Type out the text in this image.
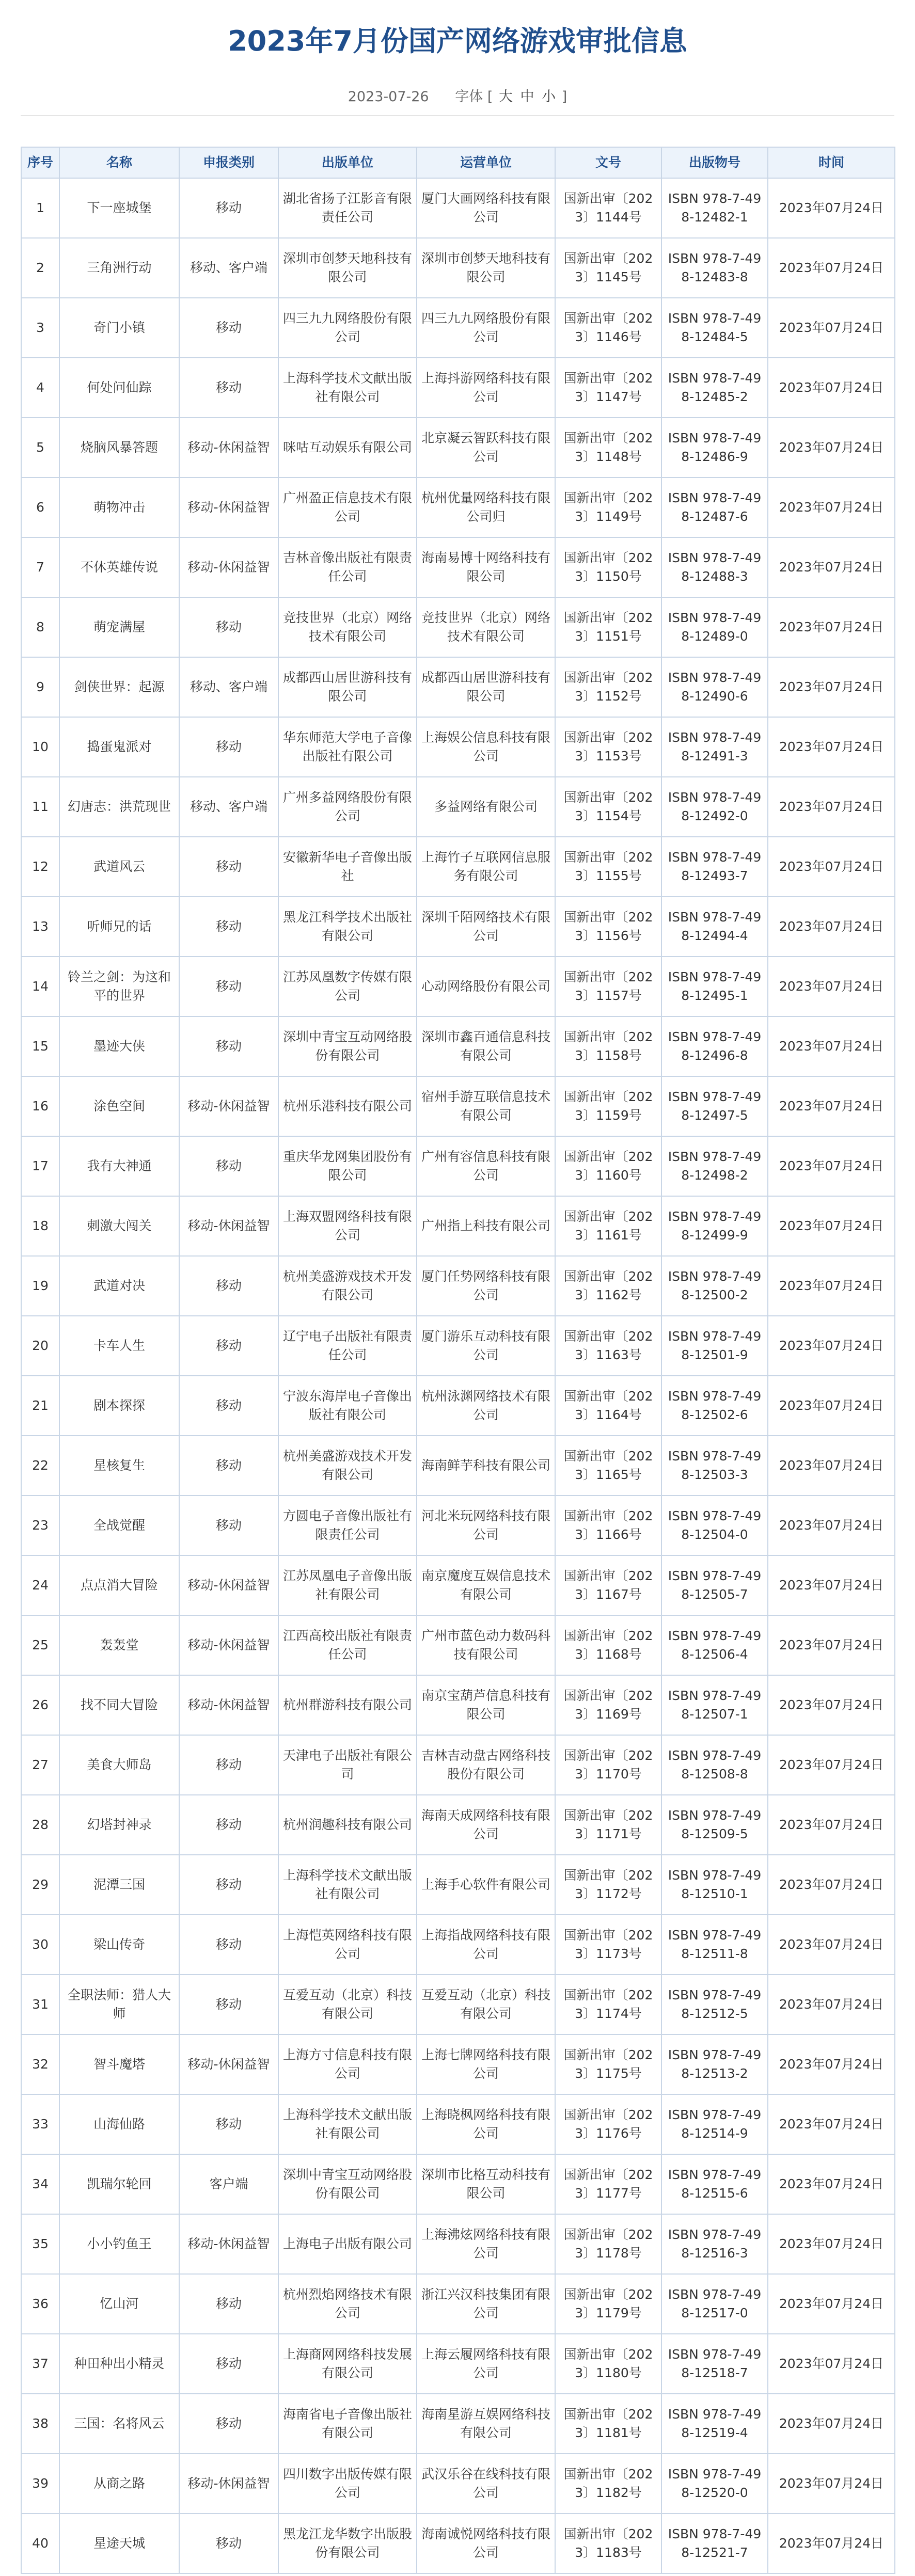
2023年7月份国产网络游戏审批信息
2023-07-26 字体 [ 大 中 小 ]
序号	名称	申报类别	出版单位	运营单位	文号	出版物号	时间
1	下一座城堡	移动	湖北省扬子江影音有限责任公司	厦门大画网络科技有限公司	国新出审〔2023〕1144号	ISBN 978-7-498-12482-1	2023年07月24日
2	三角洲行动	移动、客户端	深圳市创梦天地科技有限公司	深圳市创梦天地科技有限公司	国新出审〔2023〕1145号	ISBN 978-7-498-12483-8	2023年07月24日
3	奇门小镇	移动	四三九九网络股份有限公司	四三九九网络股份有限公司	国新出审〔2023〕1146号	ISBN 978-7-498-12484-5	2023年07月24日
4	何处问仙踪	移动	上海科学技术文献出版社有限公司	上海抖游网络科技有限公司	国新出审〔2023〕1147号	ISBN 978-7-498-12485-2	2023年07月24日
5	烧脑风暴答题	移动-休闲益智	咪咕互动娱乐有限公司	北京凝云智跃科技有限公司	国新出审〔2023〕1148号	ISBN 978-7-498-12486-9	2023年07月24日
6	萌物冲击	移动-休闲益智	广州盈正信息技术有限公司	杭州优量网络科技有限公司归	国新出审〔2023〕1149号	ISBN 978-7-498-12487-6	2023年07月24日
7	不休英雄传说	移动-休闲益智	吉林音像出版社有限责任公司	海南易博十网络科技有限公司	国新出审〔2023〕1150号	ISBN 978-7-498-12488-3	2023年07月24日
8	萌宠满屋	移动	竞技世界（北京）网络技术有限公司	竞技世界（北京）网络技术有限公司	国新出审〔2023〕1151号	ISBN 978-7-498-12489-0	2023年07月24日
9	剑侠世界：起源	移动、客户端	成都西山居世游科技有限公司	成都西山居世游科技有限公司	国新出审〔2023〕1152号	ISBN 978-7-498-12490-6	2023年07月24日
10	捣蛋鬼派对	移动	华东师范大学电子音像出版社有限公司	上海娱公信息科技有限公司	国新出审〔2023〕1153号	ISBN 978-7-498-12491-3	2023年07月24日
11	幻唐志：洪荒现世	移动、客户端	广州多益网络股份有限公司	多益网络有限公司	国新出审〔2023〕1154号	ISBN 978-7-498-12492-0	2023年07月24日
12	武道风云	移动	安徽新华电子音像出版社	上海竹子互联网信息服务有限公司	国新出审〔2023〕1155号	ISBN 978-7-498-12493-7	2023年07月24日
13	听师兄的话	移动	黑龙江科学技术出版社有限公司	深圳千陌网络技术有限公司	国新出审〔2023〕1156号	ISBN 978-7-498-12494-4	2023年07月24日
14	铃兰之剑：为这和平的世界	移动	江苏凤凰数字传媒有限公司	心动网络股份有限公司	国新出审〔2023〕1157号	ISBN 978-7-498-12495-1	2023年07月24日
15	墨迹大侠	移动	深圳中青宝互动网络股份有限公司	深圳市鑫百通信息科技有限公司	国新出审〔2023〕1158号	ISBN 978-7-498-12496-8	2023年07月24日
16	涂色空间	移动-休闲益智	杭州乐港科技有限公司	宿州手游互联信息技术有限公司	国新出审〔2023〕1159号	ISBN 978-7-498-12497-5	2023年07月24日
17	我有大神通	移动	重庆华龙网集团股份有限公司	广州有容信息科技有限公司	国新出审〔2023〕1160号	ISBN 978-7-498-12498-2	2023年07月24日
18	刺激大闯关	移动-休闲益智	上海双盟网络科技有限公司	广州指上科技有限公司	国新出审〔2023〕1161号	ISBN 978-7-498-12499-9	2023年07月24日
19	武道对决	移动	杭州美盛游戏技术开发有限公司	厦门任势网络科技有限公司	国新出审〔2023〕1162号	ISBN 978-7-498-12500-2	2023年07月24日
20	卡车人生	移动	辽宁电子出版社有限责任公司	厦门游乐互动科技有限公司	国新出审〔2023〕1163号	ISBN 978-7-498-12501-9	2023年07月24日
21	剧本探探	移动	宁波东海岸电子音像出版社有限公司	杭州泳渊网络技术有限公司	国新出审〔2023〕1164号	ISBN 978-7-498-12502-6	2023年07月24日
22	星核复生	移动	杭州美盛游戏技术开发有限公司	海南鲜芋科技有限公司	国新出审〔2023〕1165号	ISBN 978-7-498-12503-3	2023年07月24日
23	全战觉醒	移动	方圆电子音像出版社有限责任公司	河北米玩网络科技有限公司	国新出审〔2023〕1166号	ISBN 978-7-498-12504-0	2023年07月24日
24	点点消大冒险	移动-休闲益智	江苏凤凰电子音像出版社有限公司	南京魔度互娱信息技术有限公司	国新出审〔2023〕1167号	ISBN 978-7-498-12505-7	2023年07月24日
25	轰轰堂	移动-休闲益智	江西高校出版社有限责任公司	广州市蓝色动力数码科技有限公司	国新出审〔2023〕1168号	ISBN 978-7-498-12506-4	2023年07月24日
26	找不同大冒险	移动-休闲益智	杭州群游科技有限公司	南京宝葫芦信息科技有限公司	国新出审〔2023〕1169号	ISBN 978-7-498-12507-1	2023年07月24日
27	美食大师岛	移动	天津电子出版社有限公司	吉林吉动盘古网络科技股份有限公司	国新出审〔2023〕1170号	ISBN 978-7-498-12508-8	2023年07月24日
28	幻塔封神录	移动	杭州润趣科技有限公司	海南天成网络科技有限公司	国新出审〔2023〕1171号	ISBN 978-7-498-12509-5	2023年07月24日
29	泥潭三国	移动	上海科学技术文献出版社有限公司	上海手心软件有限公司	国新出审〔2023〕1172号	ISBN 978-7-498-12510-1	2023年07月24日
30	梁山传奇	移动	上海恺英网络科技有限公司	上海指战网络科技有限公司	国新出审〔2023〕1173号	ISBN 978-7-498-12511-8	2023年07月24日
31	全职法师：猎人大师	移动	互爱互动（北京）科技有限公司	互爱互动（北京）科技有限公司	国新出审〔2023〕1174号	ISBN 978-7-498-12512-5	2023年07月24日
32	智斗魔塔	移动-休闲益智	上海方寸信息科技有限公司	上海七牌网络科技有限公司	国新出审〔2023〕1175号	ISBN 978-7-498-12513-2	2023年07月24日
33	山海仙路	移动	上海科学技术文献出版社有限公司	上海晓枫网络科技有限公司	国新出审〔2023〕1176号	ISBN 978-7-498-12514-9	2023年07月24日
34	凯瑞尔轮回	客户端	深圳中青宝互动网络股份有限公司	深圳市比格互动科技有限公司	国新出审〔2023〕1177号	ISBN 978-7-498-12515-6	2023年07月24日
35	小小钓鱼王	移动-休闲益智	上海电子出版有限公司	上海沸炫网络科技有限公司	国新出审〔2023〕1178号	ISBN 978-7-498-12516-3	2023年07月24日
36	忆山河	移动	杭州烈焰网络技术有限公司	浙江兴汉科技集团有限公司	国新出审〔2023〕1179号	ISBN 978-7-498-12517-0	2023年07月24日
37	种田种出小精灵	移动	上海商网网络科技发展有限公司	上海云履网络科技有限公司	国新出审〔2023〕1180号	ISBN 978-7-498-12518-7	2023年07月24日
38	三国：名将风云	移动	海南省电子音像出版社有限公司	海南星游互娱网络科技有限公司	国新出审〔2023〕1181号	ISBN 978-7-498-12519-4	2023年07月24日
39	从商之路	移动-休闲益智	四川数字出版传媒有限公司	武汉乐谷在线科技有限公司	国新出审〔2023〕1182号	ISBN 978-7-498-12520-0	2023年07月24日
40	星途天城	移动	黑龙江龙华数字出版股份有限公司	海南诚悦网络科技有限公司	国新出审〔2023〕1183号	ISBN 978-7-498-12521-7	2023年07月24日
